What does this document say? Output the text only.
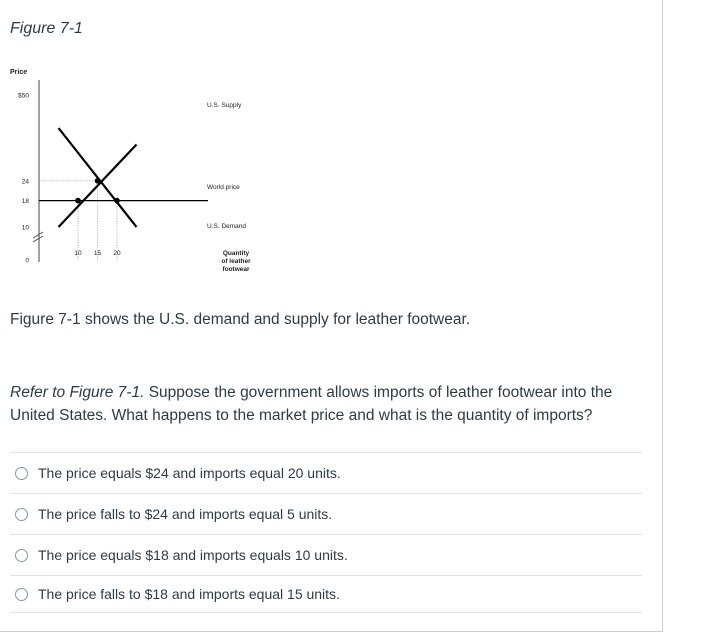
Figure 7-1
Price
$50
24
18
10
0
10 15 20	Quantity
of leather
footwear
U.S. Supply
U.S. Demand
World price
Figure 7-1 shows the U.S. demand and supply for leather footwear.
Refer to Figure 7-1. Suppose the government allows imports of leather footwear into the United States. What happens to the market price and what is the quantity of imports?
The price equals $24 and imports equal 20 units.
The price falls to $24 and imports equal 5 units.
The price equals $18 and imports equals 10 units.
The price falls to $18 and imports equal 15 units.
